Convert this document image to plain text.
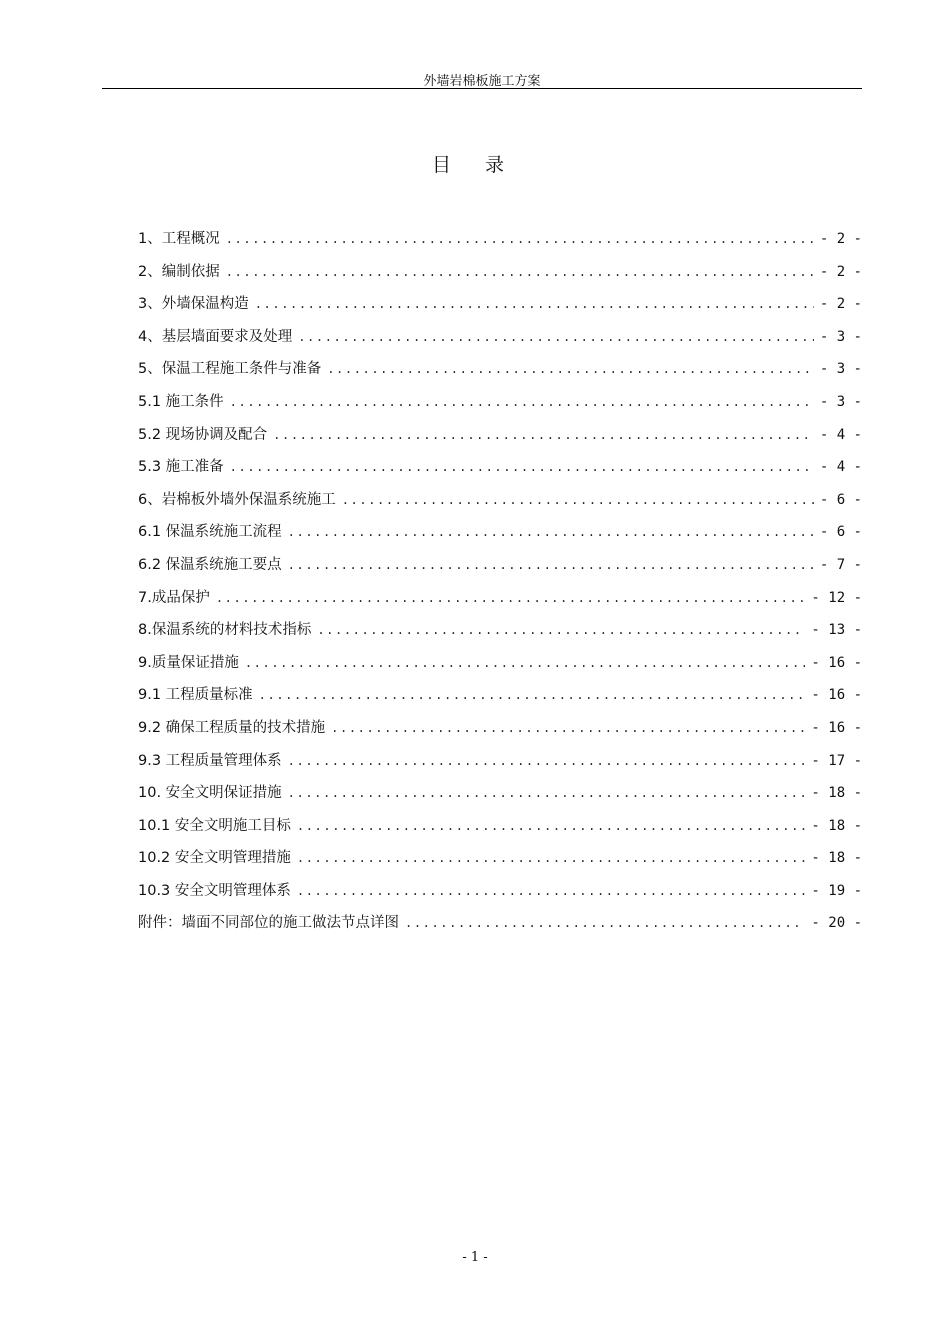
外墙岩棉板施工方案
目 录
1、工程概况 .....	- 2 -
2、编制依据 .....	- 2 -
3、外墙保温构造 .....	- 2 -
4、基层墙面要求及处理 .....	- 3 -
5、保温工程施工条件与准备 .....	- 3 -
5.1 施工条件 .....	- 3 -
5.2 现场协调及配合 .....	- 4 -
5.3 施工准备 .....	- 4 -
6、岩棉板外墙外保温系统施工 .....	- 6 -
6.1 保温系统施工流程 .....	- 6 -
6.2 保温系统施工要点 .....	- 7 -
7.成品保护 .....	- 12 -
8.保温系统的材料技术指标 .....	- 13 -
9.质量保证措施 .....	- 16 -
9.1 工程质量标准 .....	- 16 -
9.2 确保工程质量的技术措施 .....	- 16 -
9.3 工程质量管理体系 .....	- 17 -
10. 安全文明保证措施 .....	- 18 -
10.1 安全文明施工目标 .....	- 18 -
10.2 安全文明管理措施 .....	- 18 -
10.3 安全文明管理体系 .....	- 19 -
附件：墙面不同部位的施工做法节点详图 .....	- 20 -
- 1 -
